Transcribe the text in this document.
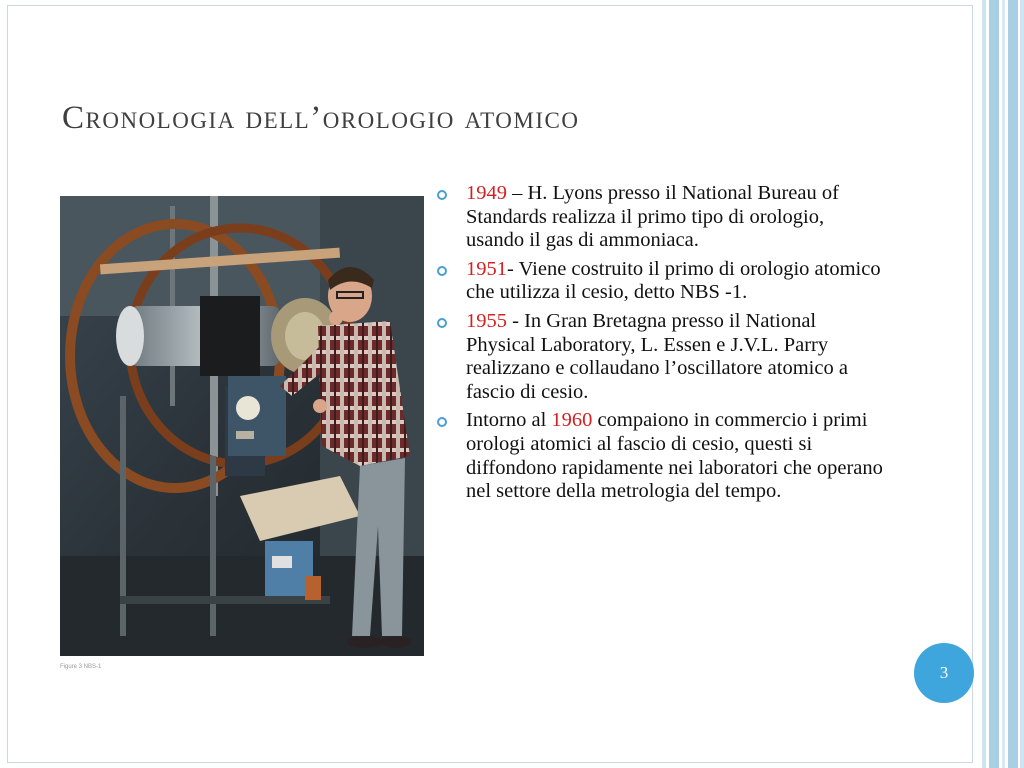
Cronologia dell’orologio atomico
Figure 3 NBS-1
1949 – H. Lyons presso il National Bureau of Standards realizza il primo tipo di orologio, usando il gas di ammoniaca.
1951- Viene costruito il primo di orologio atomico che utilizza il cesio, detto NBS -1.
1955 - In Gran Bretagna presso il National Physical Laboratory, L. Essen e J.V.L. Parry realizzano e collaudano l’oscillatore atomico a fascio di cesio.
Intorno al 1960 compaiono in commercio i primi orologi atomici al fascio di cesio, questi si diffondono rapidamente nei laboratori che operano nel settore della metrologia del tempo.
3
